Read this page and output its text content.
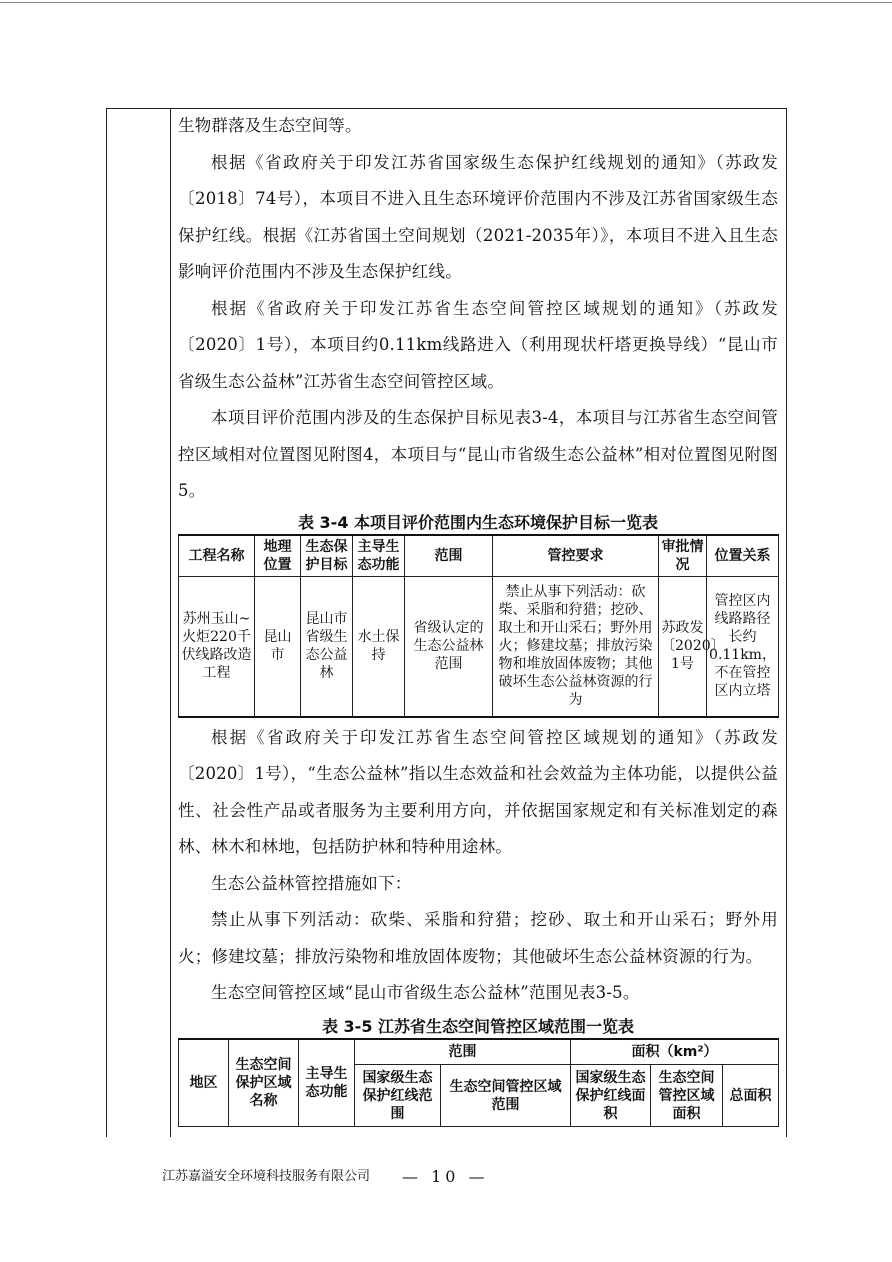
生物群落及生态空间等。

根据《省政府关于印发江苏省国家级生态保护红线规划的通知》（苏政发〔2018〕74号），本项目不进入且生态环境评价范围内不涉及江苏省国家级生态保护红线。根据《江苏省国土空间规划（2021-2035年）》，本项目不进入且生态影响评价范围内不涉及生态保护红线。

根据《省政府关于印发江苏省生态空间管控区域规划的通知》（苏政发〔2020〕1号），本项目约0.11km线路进入（利用现状杆塔更换导线）“昆山市省级生态公益林”江苏省生态空间管控区域。

本项目评价范围内涉及的生态保护目标见表3-4，本项目与江苏省生态空间管控区域相对位置图见附图4，本项目与“昆山市省级生态公益林”相对位置图见附图5。

表 3-4 本项目评价范围内生态环境保护目标一览表

工程名称	地理位置	生态保护目标	主导生态功能	范围	管控要求	审批情况	位置关系
苏州玉山~火炬220千伏线路改造工程	昆山市	昆山市省级生态公益林	水土保持	省级认定的生态公益林范围	禁止从事下列活动：砍柴、采脂和狩猎；挖砂、取土和开山采石；野外用火；修建坟墓；排放污染物和堆放固体废物；其他破坏生态公益林资源的行为	苏政发〔2020〕1号	管控区内线路路径长约0.11km，不在管控区内立塔

根据《省政府关于印发江苏省生态空间管控区域规划的通知》（苏政发〔2020〕1号），“生态公益林”指以生态效益和社会效益为主体功能，以提供公益性、社会性产品或者服务为主要利用方向，并依据国家规定和有关标准划定的森林、林木和林地，包括防护林和特种用途林。

生态公益林管控措施如下：

禁止从事下列活动：砍柴、采脂和狩猎；挖砂、取土和开山采石；野外用火；修建坟墓；排放污染物和堆放固体废物；其他破坏生态公益林资源的行为。

生态空间管控区域“昆山市省级生态公益林”范围见表3-5。

表 3-5 江苏省生态空间管控区域范围一览表

地区	生态空间保护区域名称	主导生态功能	范围		面积（km²）		
			国家级生态保护红线范围	生态空间管控区域范围	国家级生态保护红线面积	生态空间管控区域面积	总面积
江苏嘉溢安全环境科技服务有限公司 — 10 —
